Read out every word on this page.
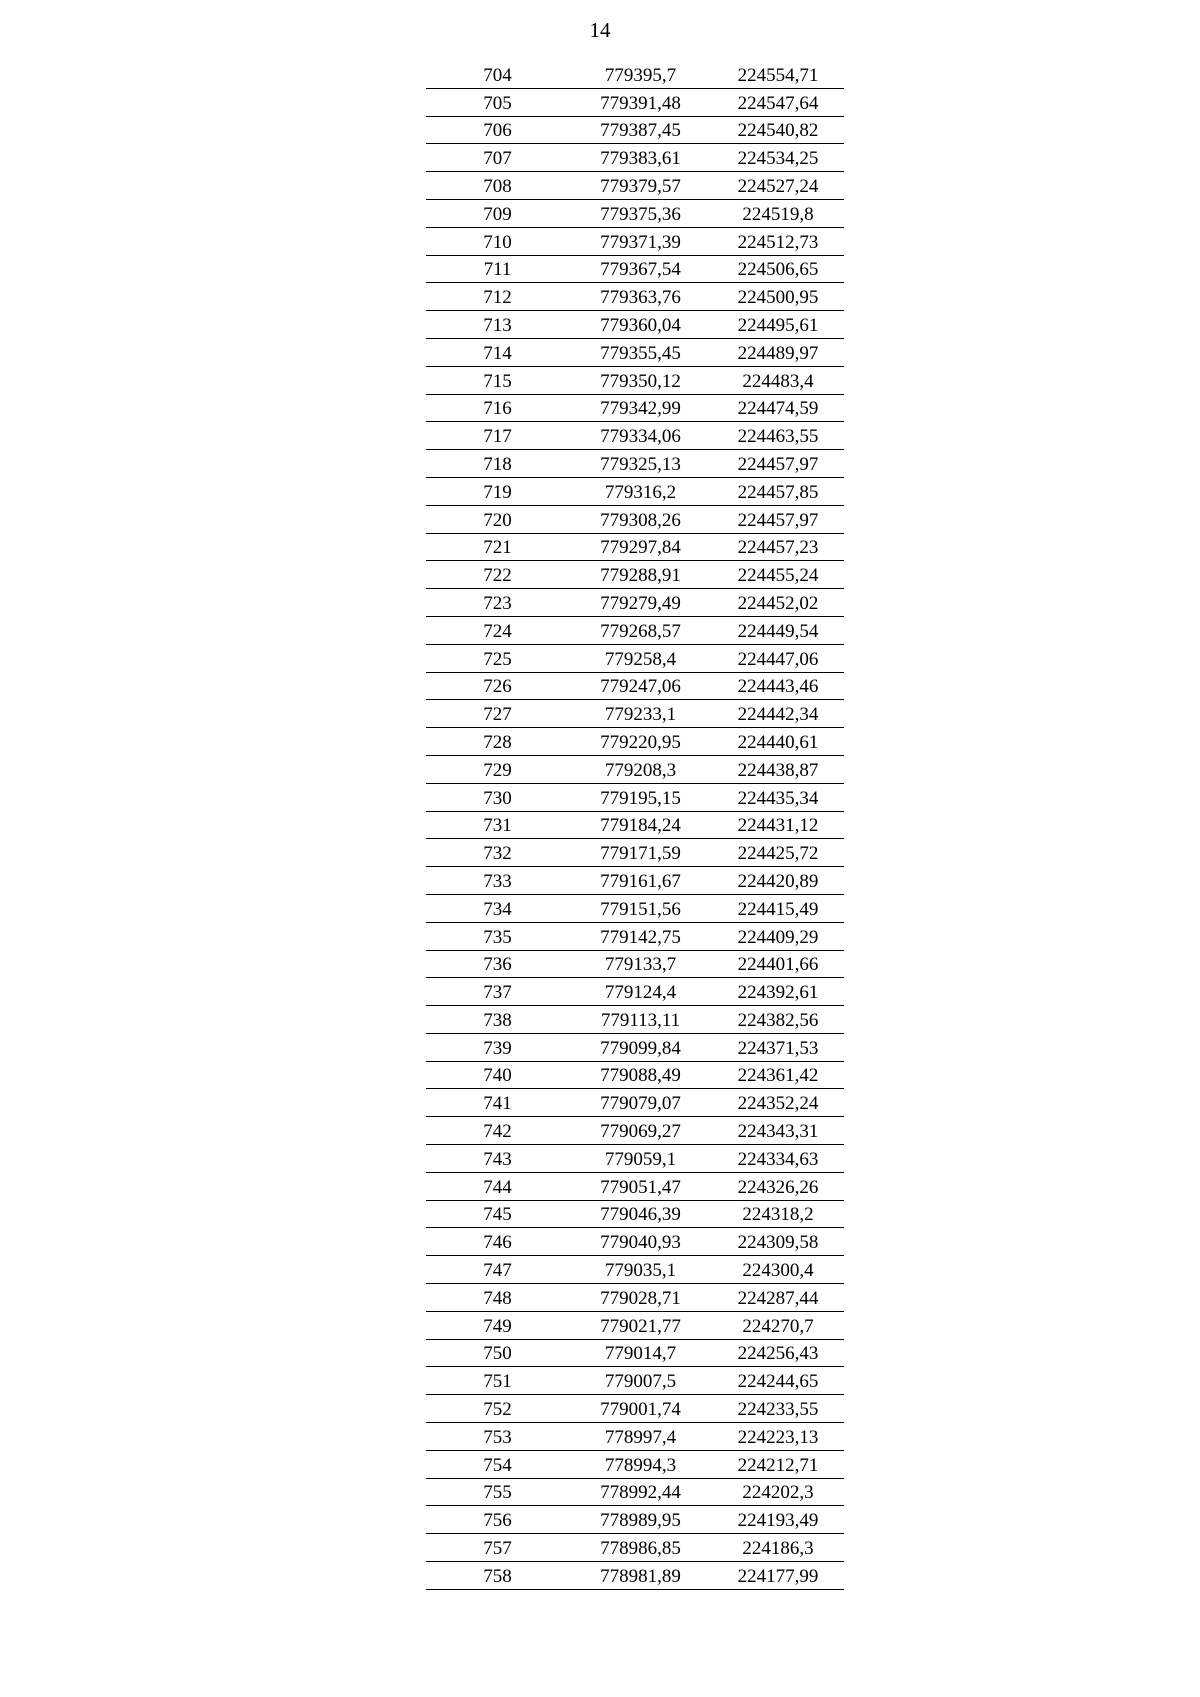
14
704	779395,7	224554,71
705	779391,48	224547,64
706	779387,45	224540,82
707	779383,61	224534,25
708	779379,57	224527,24
709	779375,36	224519,8
710	779371,39	224512,73
711	779367,54	224506,65
712	779363,76	224500,95
713	779360,04	224495,61
714	779355,45	224489,97
715	779350,12	224483,4
716	779342,99	224474,59
717	779334,06	224463,55
718	779325,13	224457,97
719	779316,2	224457,85
720	779308,26	224457,97
721	779297,84	224457,23
722	779288,91	224455,24
723	779279,49	224452,02
724	779268,57	224449,54
725	779258,4	224447,06
726	779247,06	224443,46
727	779233,1	224442,34
728	779220,95	224440,61
729	779208,3	224438,87
730	779195,15	224435,34
731	779184,24	224431,12
732	779171,59	224425,72
733	779161,67	224420,89
734	779151,56	224415,49
735	779142,75	224409,29
736	779133,7	224401,66
737	779124,4	224392,61
738	779113,11	224382,56
739	779099,84	224371,53
740	779088,49	224361,42
741	779079,07	224352,24
742	779069,27	224343,31
743	779059,1	224334,63
744	779051,47	224326,26
745	779046,39	224318,2
746	779040,93	224309,58
747	779035,1	224300,4
748	779028,71	224287,44
749	779021,77	224270,7
750	779014,7	224256,43
751	779007,5	224244,65
752	779001,74	224233,55
753	778997,4	224223,13
754	778994,3	224212,71
755	778992,44	224202,3
756	778989,95	224193,49
757	778986,85	224186,3
758	778981,89	224177,99
